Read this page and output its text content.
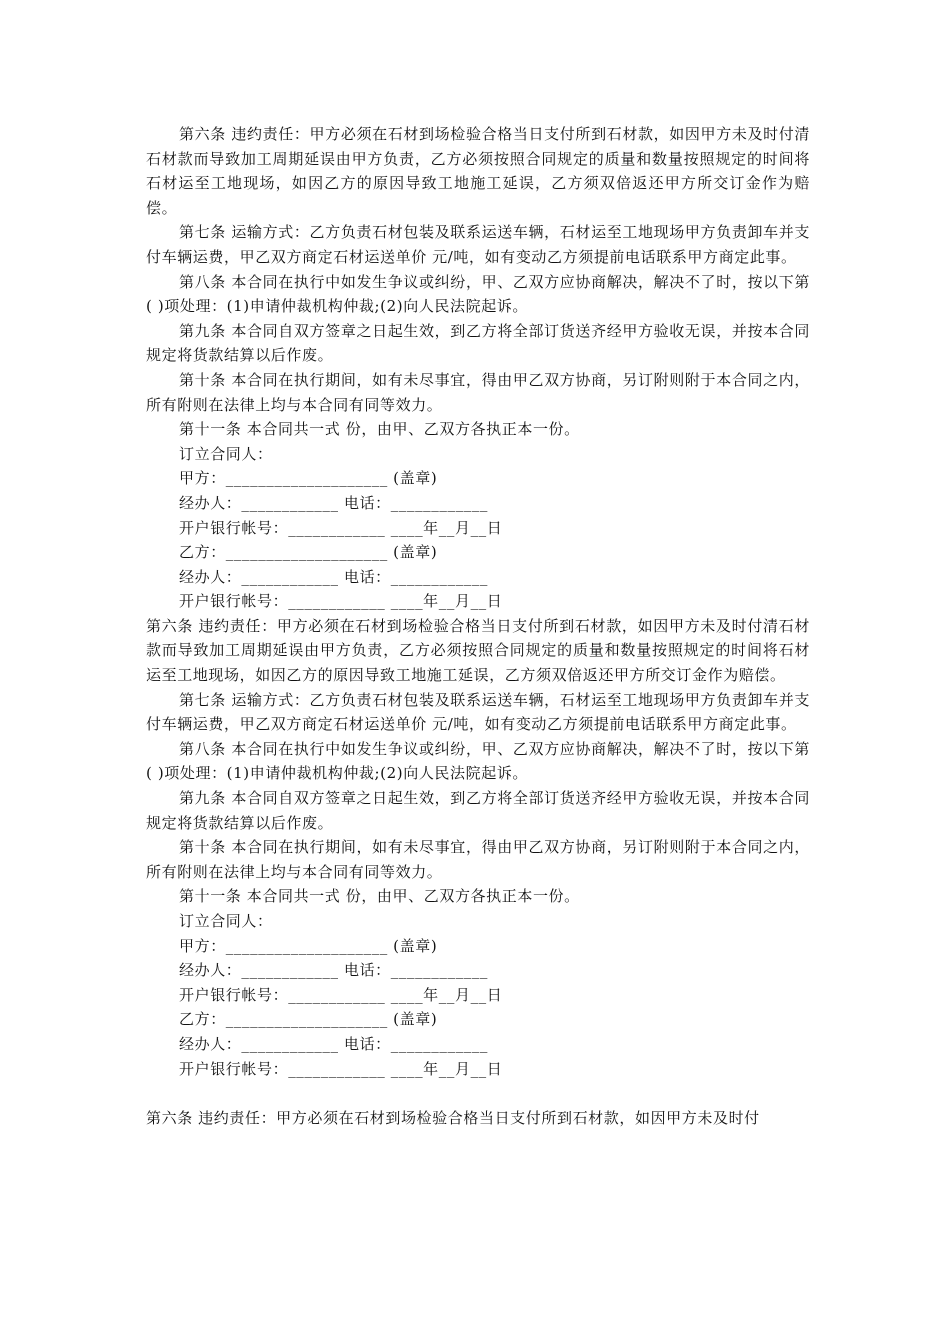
第六条 违约责任：甲方必须在石材到场检验合格当日支付所到石材款，如因甲方未及时付清石材款而导致加工周期延误由甲方负责，乙方必须按照合同规定的质量和数量按照规定的时间将石材运至工地现场，如因乙方的原因导致工地施工延误，乙方须双倍返还甲方所交订金作为赔偿。

第七条 运输方式：乙方负责石材包装及联系运送车辆，石材运至工地现场甲方负责卸车并支付车辆运费，甲乙双方商定石材运送单价 元/吨，如有变动乙方须提前电话联系甲方商定此事。

第八条 本合同在执行中如发生争议或纠纷，甲、乙双方应协商解决，解决不了时，按以下第( )项处理：(1)申请仲裁机构仲裁;(2)向人民法院起诉。

第九条 本合同自双方签章之日起生效，到乙方将全部订货送齐经甲方验收无误，并按本合同规定将货款结算以后作废。

第十条 本合同在执行期间，如有未尽事宜，得由甲乙双方协商，另订附则附于本合同之内，所有附则在法律上均与本合同有同等效力。

第十一条 本合同共一式 份，由甲、乙双方各执正本一份。

订立合同人：

甲方：____________________ (盖章)

经办人：____________ 电话：____________

开户银行帐号：____________ ____年__月__日

乙方：____________________ (盖章)

经办人：____________ 电话：____________

开户银行帐号：____________ ____年__月__日

第六条 违约责任：甲方必须在石材到场检验合格当日支付所到石材款，如因甲方未及时付清石材款而导致加工周期延误由甲方负责，乙方必须按照合同规定的质量和数量按照规定的时间将石材运至工地现场，如因乙方的原因导致工地施工延误，乙方须双倍返还甲方所交订金作为赔偿。

第七条 运输方式：乙方负责石材包装及联系运送车辆，石材运至工地现场甲方负责卸车并支付车辆运费，甲乙双方商定石材运送单价 元/吨，如有变动乙方须提前电话联系甲方商定此事。

第八条 本合同在执行中如发生争议或纠纷，甲、乙双方应协商解决，解决不了时，按以下第( )项处理：(1)申请仲裁机构仲裁;(2)向人民法院起诉。

第九条 本合同自双方签章之日起生效，到乙方将全部订货送齐经甲方验收无误，并按本合同规定将货款结算以后作废。

第十条 本合同在执行期间，如有未尽事宜，得由甲乙双方协商，另订附则附于本合同之内，所有附则在法律上均与本合同有同等效力。

第十一条 本合同共一式 份，由甲、乙双方各执正本一份。

订立合同人：

甲方：____________________ (盖章)

经办人：____________ 电话：____________

开户银行帐号：____________ ____年__月__日

乙方：____________________ (盖章)

经办人：____________ 电话：____________

开户银行帐号：____________ ____年__月__日

第六条 违约责任：甲方必须在石材到场检验合格当日支付所到石材款，如因甲方未及时付
